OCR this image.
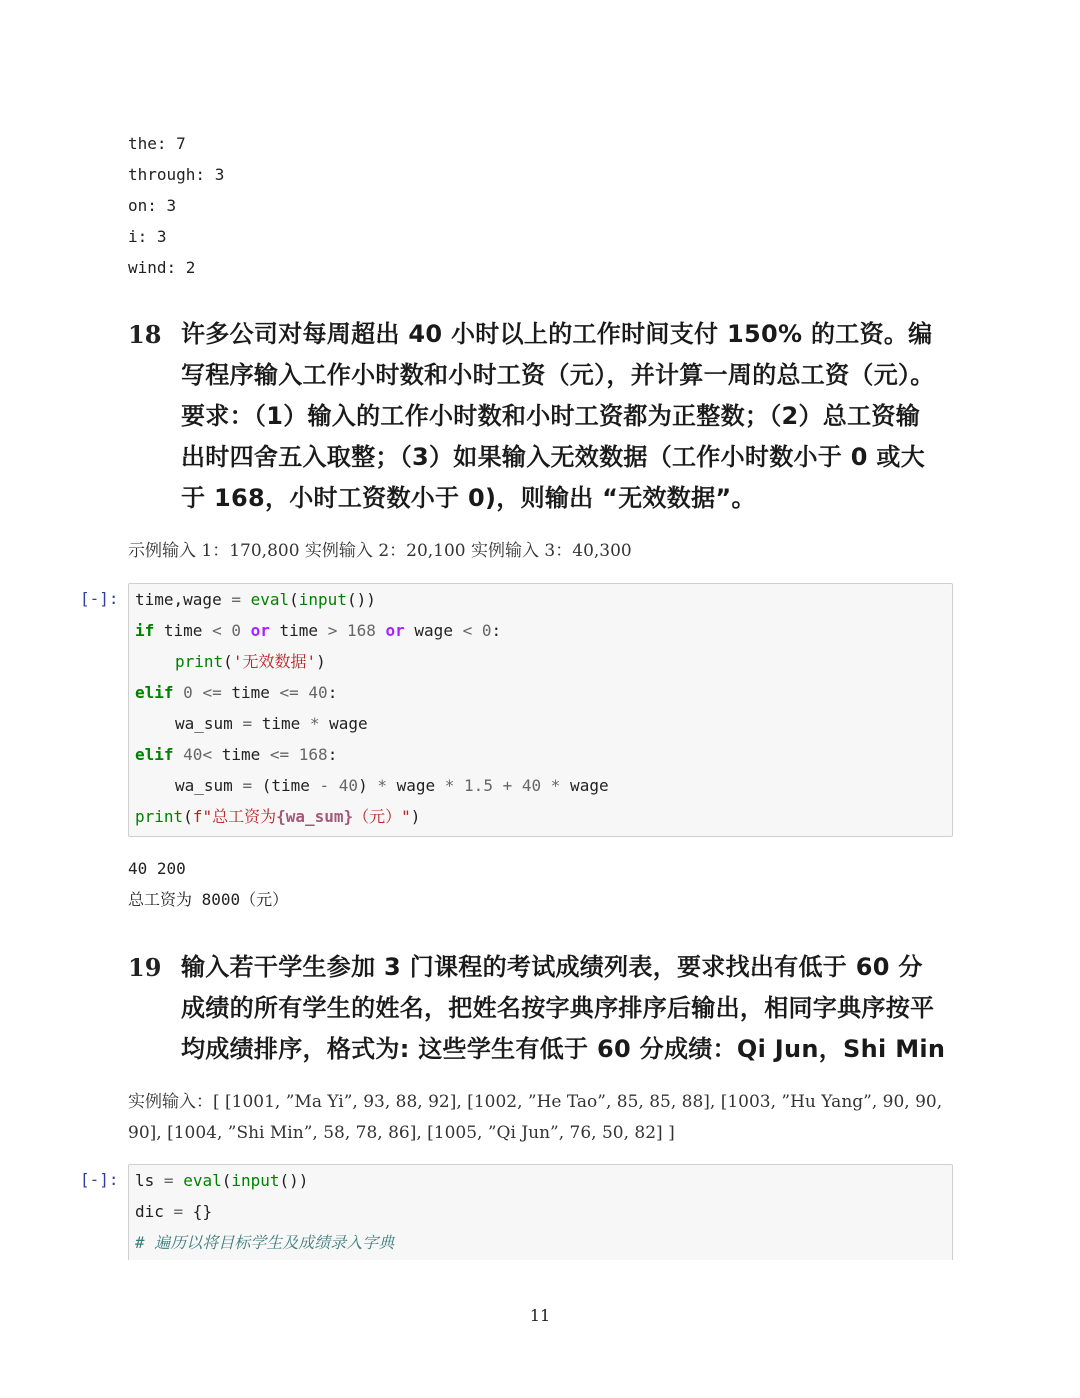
the: 7
through: 3
on: 3
i: 3
wind: 2
18 许多公司对每周超出 40 小时以上的工作时间支付 150% 的工资。编
写程序输入工作小时数和小时工资（元），并计算一周的总工资（元）。
要求：（1）输入的工作小时数和小时工资都为正整数；（2）总工资输
出时四舍五入取整；（3）如果输入无效数据（工作小时数小于 0 或大
于 168，小时工资数小于 0)，则输出 “无效数据”。
示例输入 1：170,800 实例输入 2：20,100 实例输入 3：40,300
[-]: time,wage = eval(input())
if time < 0 or time > 168 or wage < 0:
print('无效数据')
elif 0 <= time <= 40:
wa_sum = time * wage
elif 40< time <= 168:
wa_sum = (time - 40) * wage * 1.5 + 40 * wage
print(f"总工资为{wa_sum}（元）")
40 200
总工资为 8000（元）
19 输入若干学生参加 3 门课程的考试成绩列表，要求找出有低于 60 分
成绩的所有学生的姓名，把姓名按字典序排序后输出，相同字典序按平
均成绩排序，格式为: 这些学生有低于 60 分成绩：Qi Jun，Shi Min
实例输入：[ [1001, ”Ma Yi”, 93, 88, 92], [1002, ”He Tao”, 85, 85, 88], [1003, ”Hu Yang”, 90, 90,
90], [1004, ”Shi Min”, 58, 78, 86], [1005, ”Qi Jun”, 76, 50, 82] ]
[-]: ls = eval(input())
dic = {}
# 遍历以将目标学生及成绩录入字典
11
